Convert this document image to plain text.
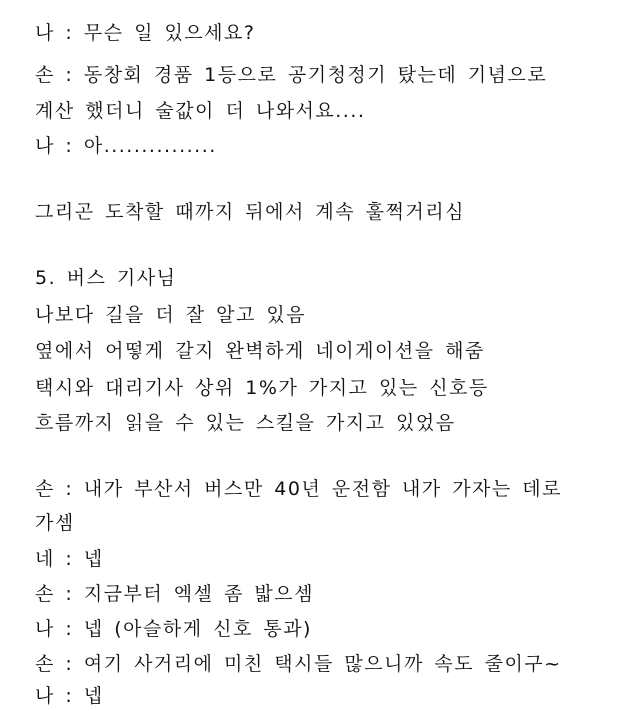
나 : 무슨 일 있으세요?
손 : 동창회 경품 1등으로 공기청정기 탔는데 기념으로
계산 했더니 술값이 더 나와서요....
나 : 아...............
그리곤 도착할 때까지 뒤에서 계속 훌쩍거리심
5. 버스 기사님
나보다 길을 더 잘 알고 있음
옆에서 어떻게 갈지 완벽하게 네이게이션을 해줌
택시와 대리기사 상위 1%가 가지고 있는 신호등
흐름까지 읽을 수 있는 스킬을 가지고 있었음
손 : 내가 부산서 버스만 40년 운전함 내가 가자는 데로
가셈
네 : 넵
손 : 지금부터 엑셀 좀 밟으셈
나 : 넵 (아슬하게 신호 통과)
손 : 여기 사거리에 미친 택시들 많으니까 속도 줄이구~
나 : 넵
